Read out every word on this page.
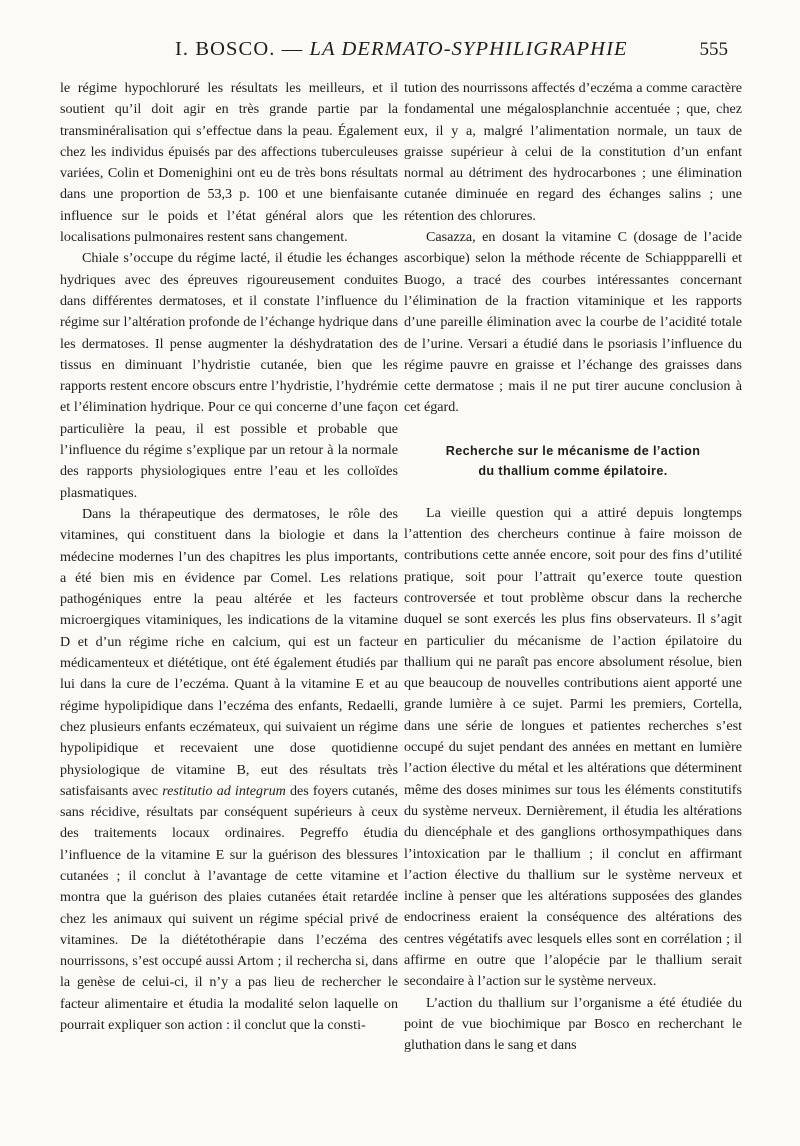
I. BOSCO. — LA DERMATO-SYPHILIGRAPHIE	555

le régime hypochloruré les résultats les meilleurs, et il soutient qu’il doit agir en très grande partie par la transminéralisation qui s’effectue dans la peau. Également chez les individus épuisés par des affections tuberculeuses variées, Colin et Domenighini ont eu de très bons résultats dans une proportion de 53,3 p. 100 et une bienfaisante influence sur le poids et l’état général alors que les localisations pulmonaires restent sans changement.

Chiale s’occupe du régime lacté, il étudie les échanges hydriques avec des épreuves rigoureusement conduites dans différentes dermatoses, et il constate l’influence du régime sur l’altération profonde de l’échange hydrique dans les dermatoses. Il pense augmenter la déshydratation des tissus en diminuant l’hydristie cutanée, bien que les rapports restent encore obscurs entre l’hydristie, l’hydrémie et l’élimination hydrique. Pour ce qui concerne d’une façon particulière la peau, il est possible et probable que l’influence du régime s’explique par un retour à la normale des rapports physiologiques entre l’eau et les colloïdes plasmatiques.

Dans la thérapeutique des dermatoses, le rôle des vitamines, qui constituent dans la biologie et dans la médecine modernes l’un des chapitres les plus importants, a été bien mis en évidence par Comel. Les relations pathogéniques entre la peau altérée et les facteurs microergiques vitaminiques, les indications de la vitamine D et d’un régime riche en calcium, qui est un facteur médicamenteux et diététique, ont été également étudiés par lui dans la cure de l’eczéma. Quant à la vitamine E et au régime hypolipidique dans l’eczéma des enfants, Redaelli, chez plusieurs enfants eczémateux, qui suivaient un régime hypolipidique et recevaient une dose quotidienne physiologique de vitamine B, eut des résultats très satisfaisants avec restitutio ad integrum des foyers cutanés, sans récidive, résultats par conséquent supérieurs à ceux des traitements locaux ordinaires. Pegreffo étudia l’influence de la vitamine E sur la guérison des blessures cutanées ; il conclut à l’avantage de cette vitamine et montra que la guérison des plaies cutanées était retardée chez les animaux qui suivent un régime spécial privé de vitamines. De la diététothérapie dans l’eczéma des nourrissons, s’est occupé aussi Artom ; il rechercha si, dans la genèse de celui-ci, il n’y a pas lieu de rechercher le facteur alimentaire et étudia la modalité selon laquelle on pourrait expliquer son action : il conclut que la consti-

tution des nourrissons affectés d’eczéma a comme caractère fondamental une mégalosplanchnie accentuée ; que, chez eux, il y a, malgré l’alimentation normale, un taux de graisse supérieur à celui de la constitution d’un enfant normal au détriment des hydrocarbones ; une élimination cutanée diminuée en regard des échanges salins ; une rétention des chlorures.

Casazza, en dosant la vitamine C (dosage de l’acide ascorbique) selon la méthode récente de Schiappparelli et Buogo, a tracé des courbes intéressantes concernant l’élimination de la fraction vitaminique et les rapports d’une pareille élimination avec la courbe de l’acidité totale de l’urine. Versari a étudié dans le psoriasis l’influence du régime pauvre en graisse et l’échange des graisses dans cette dermatose ; mais il ne put tirer aucune conclusion à cet égard.

Recherche sur le mécanisme de l’action
du thallium comme épilatoire.

La vieille question qui a attiré depuis longtemps l’attention des chercheurs continue à faire moisson de contributions cette année encore, soit pour des fins d’utilité pratique, soit pour l’attrait qu’exerce toute question controversée et tout problème obscur dans la recherche duquel se sont exercés les plus fins observateurs. Il s’agit en particulier du mécanisme de l’action épilatoire du thallium qui ne paraît pas encore absolument résolue, bien que beaucoup de nouvelles contributions aient apporté une grande lumière à ce sujet. Parmi les premiers, Cortella, dans une série de longues et patientes recherches s’est occupé du sujet pendant des années en mettant en lumière l’action élective du métal et les altérations que déterminent même des doses minimes sur tous les éléments constitutifs du système nerveux. Dernièrement, il étudia les altérations du diencéphale et des ganglions orthosympathiques dans l’intoxication par le thallium ; il conclut en affirmant l’action élective du thallium sur le système nerveux et incline à penser que les altérations supposées des glandes endocriness eraient la conséquence des altérations des centres végétatifs avec lesquels elles sont en corrélation ; il affirme en outre que l’alopécie par le thallium serait secondaire à l’action sur le système nerveux.

L’action du thallium sur l’organisme a été étudiée du point de vue biochimique par Bosco en recherchant le gluthation dans le sang et dans
